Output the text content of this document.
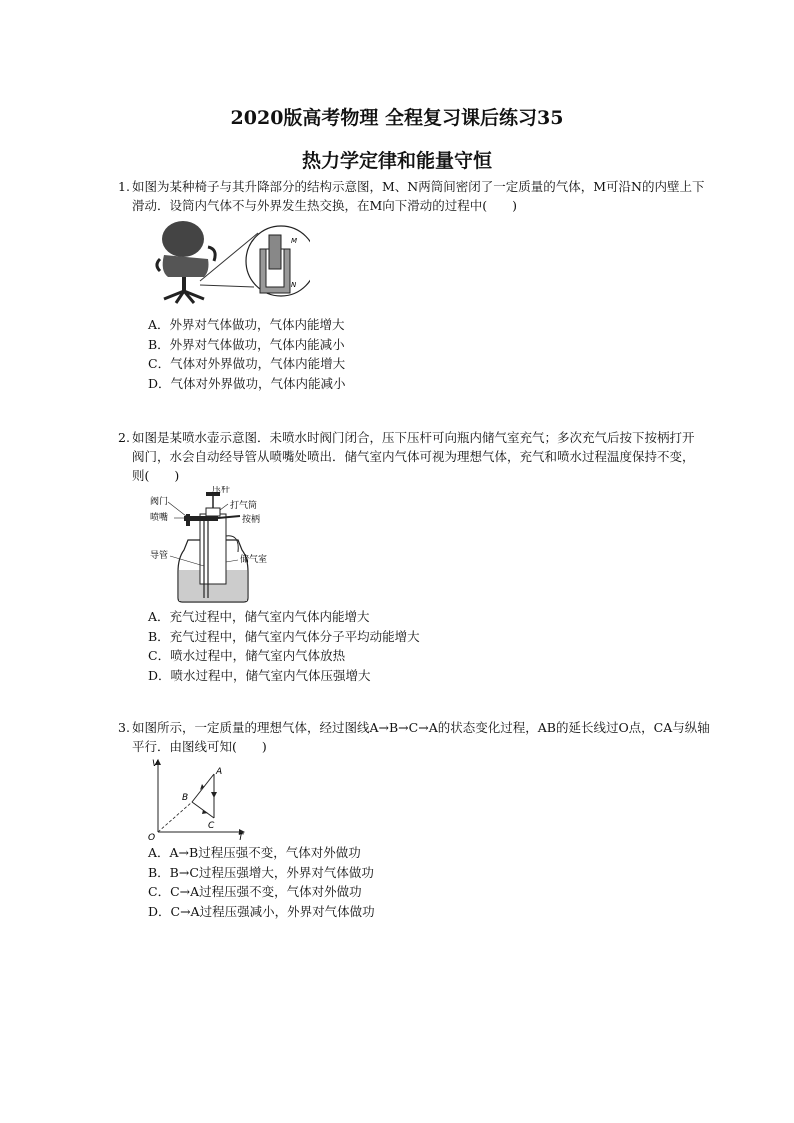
2020版高考物理 全程复习课后练习35
热力学定律和能量守恒
1. 如图为某种椅子与其升降部分的结构示意图，M、N两筒间密闭了一定质量的气体，M可沿N的内壁上下滑动．设筒内气体不与外界发生热交换，在M向下滑动的过程中(　　)
M
N
A．外界对气体做功，气体内能增大
B．外界对气体做功，气体内能减小
C．气体对外界做功，气体内能增大
D．气体对外界做功，气体内能减小
2. 如图是某喷水壶示意图．未喷水时阀门闭合，压下压杆可向瓶内储气室充气；多次充气后按下按柄打开阀门，水会自动经导管从喷嘴处喷出．储气室内气体可视为理想气体，充气和喷水过程温度保持不变，则(　　)
压杆
阀门
喷嘴
打气筒
按柄
导管	储气室
A．充气过程中，储气室内气体内能增大
B．充气过程中，储气室内气体分子平均动能增大
C．喷水过程中，储气室内气体放热
D．喷水过程中，储气室内气体压强增大
3. 如图所示，一定质量的理想气体，经过图线A→B→C→A的状态变化过程，AB的延长线过O点，CA与纵轴平行．由图线可知(　　)
V
T
O
A
B
C
A．A→B过程压强不变，气体对外做功
B．B→C过程压强增大，外界对气体做功
C．C→A过程压强不变，气体对外做功
D．C→A过程压强减小，外界对气体做功
